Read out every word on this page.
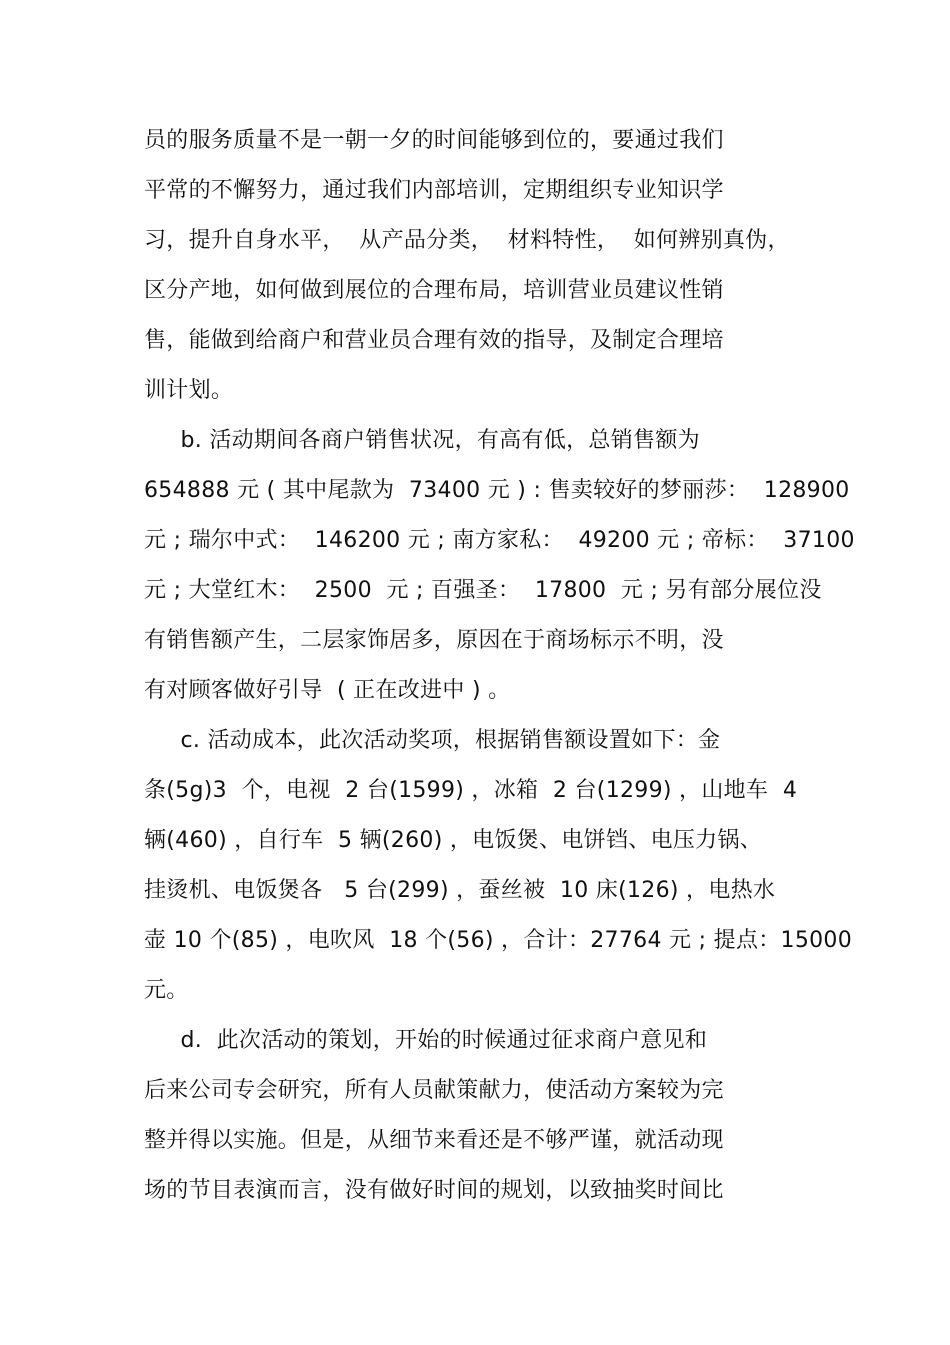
员的服务质量不是一朝一夕的时间能够到位的，要通过我们
平常的不懈努力，通过我们内部培训，定期组织专业知识学
习，提升自身水平，  从产品分类，  材料特性，  如何辨别真伪，
区分产地，如何做到展位的合理布局，培训营业员建议性销
售，能做到给商户和营业员合理有效的指导，及制定合理培
训计划。
b. 活动期间各商户销售状况，有高有低，总销售额为
654888 元 ( 其中尾款为  73400 元 ) : 售卖较好的梦丽莎：  128900
元 ; 瑞尔中式：  146200 元 ; 南方家私：  49200 元 ; 帝标：  37100
元 ; 大堂红木：  2500  元 ; 百强圣：  17800  元 ; 另有部分展位没
有销售额产生，二层家饰居多，原因在于商场标示不明，没
有对顾客做好引导  ( 正在改进中 ) 。
c. 活动成本，此次活动奖项，根据销售额设置如下：金
条(5g)3  个，电视  2 台(1599) ，冰箱  2 台(1299) ，山地车  4
辆(460) ，自行车  5 辆(260) ，电饭煲、电饼铛、电压力锅、
挂烫机、电饭煲各   5 台(299) ，蚕丝被  10 床(126) ，电热水
壶 10 个(85) ，电吹风  18 个(56) ，合计：27764 元 ; 提点：15000
元。
d.  此次活动的策划，开始的时候通过征求商户意见和
后来公司专会研究，所有人员献策献力，使活动方案较为完
整并得以实施。但是，从细节来看还是不够严谨，就活动现
场的节目表演而言，没有做好时间的规划，以致抽奖时间比
